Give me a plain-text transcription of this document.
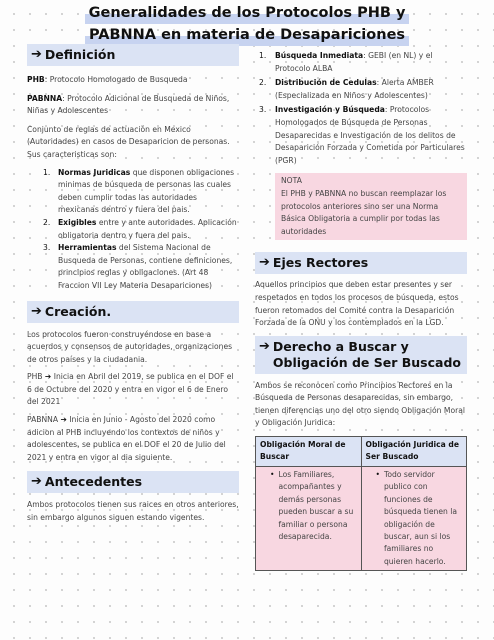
Generalidades de los Protocolos PHB y
PABNNA en materia de Desapariciones
➔ Definición

PHB: Protocolo Homologado de Busqueda

PABNNA: Protocolo Adicional de Busqueda de Niños, Niñas y Adolescentes

Conjunto de reglas de actuación en Mexico (Autoridades) en casos de Desaparicion de personas. Sus caracteristicas son:

1.	Normas Juridicas que disponen obligaciones minimas de búsqueda de personas las cuales deben cumplir todas las autoridades mexicanas dentro y fuera del pais.
2.	Exigibles entre y ante autoridades. Aplicación obligatoria dentro y fuera del pais.
3.	Herramientas del Sistema Nacional de Busqueda de Personas, contiene definiciones, principios reglas y obligaciones. (Art 48 Fraccion VII Ley Materia Desapariciones)
➔ Creación.

Los protocolos fueron construyéndose en base a acuerdos y consensos de autoridades, organizaciones de otros países y la ciudadania.

PHB ➔ Inicia en Abril del 2019, se publica en el DOF el 6 de Octubre del 2020 y entra en vigor el 6 de Enero del 2021

PABNNA ➔ Inicia en Junio - Agosto del 2020 como adicion al PHB incluyendo los contextos de niños y adolescentes, se publica en el DOF el 20 de Julio del 2021 y entra en vigor al dia siguiente.

➔ Antecedentes

Ambos protocolos tienen sus raices en otros anteriores, sin embargo algunos siguen estando vigentes.

1.	Búsqueda Inmediata: GEBI (en NL) y el Protocolo ALBA
2.	Distribución de Cedulas: Alerta AMBER (Especializada en Niños y Adolescentes)
3.	Investigación y Búsqueda: Protocolos Homologados de Búsqueda de Personas Desaparecidas e Investigación de los delitos de Desaparición Forzada y Cometida por Particulares (PGR)
NOTA
El PHB y PABNNA no buscan reemplazar los protocolos anteriores sino ser una Norma Básica Obligatoria a cumplir por todas las autoridades
➔ Ejes Rectores

Aquellos principios que deben estar presentes y ser respetados en todos los procesos de búsqueda, estos fueron retomados del Comité contra la Desaparición Forzada de la ONU y los contemplados en la LGD.

➔ Derecho a Buscar y Obligación de Ser Buscado

Ambos se reconocen como Principios Rectores en la Búsqueda de Personas desaparecidas, sin embargo, tienen diferencias uno del otro siendo Obligación Moral y Obligación Juridica:

Obligación Moral de Buscar	Obligación Juridica de Ser Buscado

• Los Familiares, acompañantes y demás personas pueden buscar a su familiar o persona desaparecida.	• Todo servidor publico con funciones de búsqueda tienen la obligación de buscar, aun si los familiares no quieren hacerlo.
